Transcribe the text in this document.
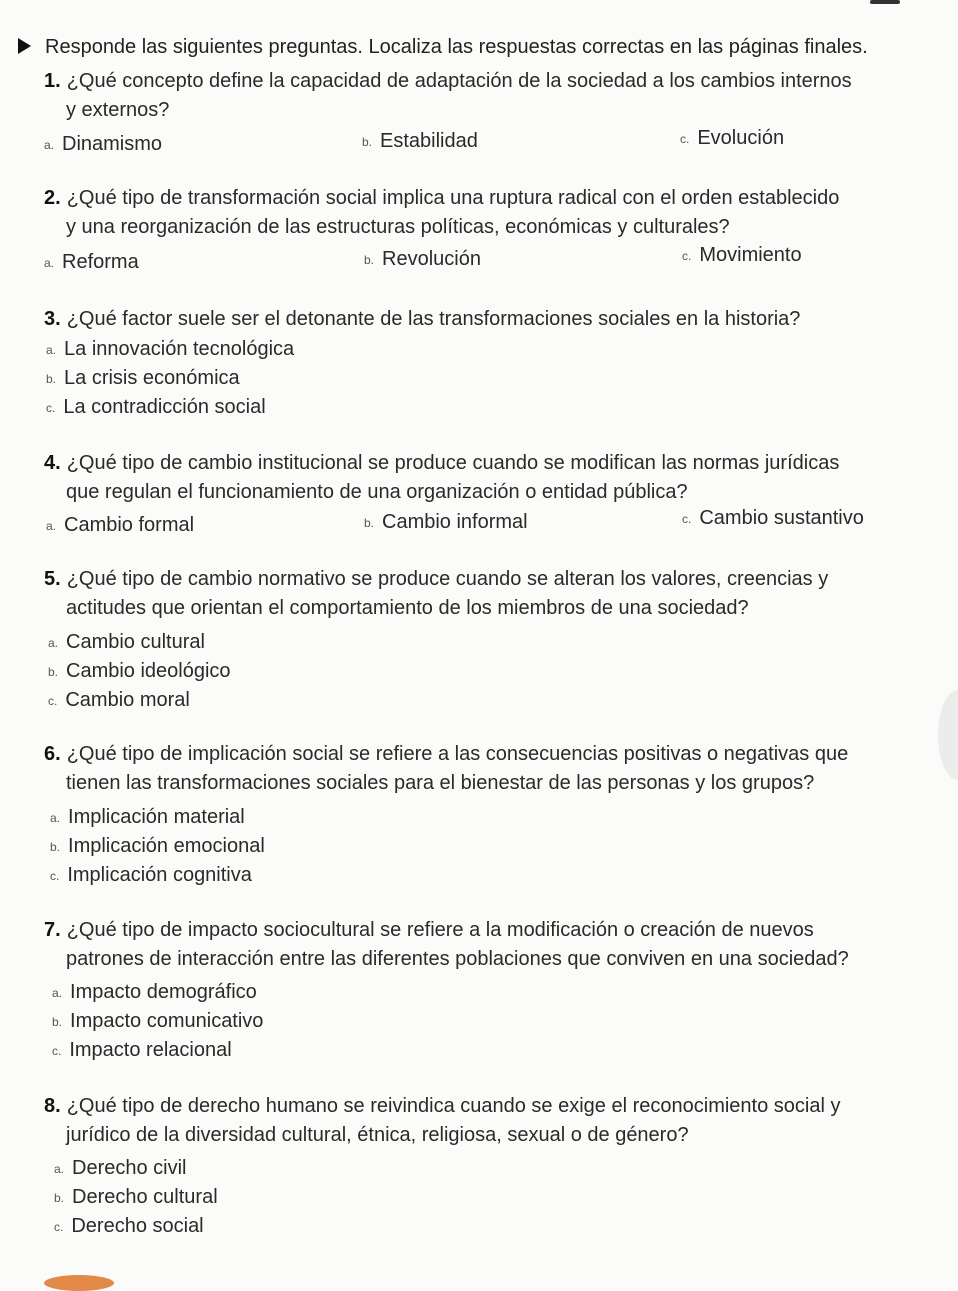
Responde las siguientes preguntas. Localiza las respuestas correctas en las páginas finales.
1. ¿Qué concepto define la capacidad de adaptación de la sociedad a los cambios internos
y externos?
a. Dinamismo	b. Estabilidad	c. Evolución
2. ¿Qué tipo de transformación social implica una ruptura radical con el orden establecido
y una reorganización de las estructuras políticas, económicas y culturales?
a. Reforma	b. Revolución	c. Movimiento
3. ¿Qué factor suele ser el detonante de las transformaciones sociales en la historia?
a. La innovación tecnológica
b. La crisis económica
c. La contradicción social
4. ¿Qué tipo de cambio institucional se produce cuando se modifican las normas jurídicas
que regulan el funcionamiento de una organización o entidad pública?
a. Cambio formal	b. Cambio informal	c. Cambio sustantivo
5. ¿Qué tipo de cambio normativo se produce cuando se alteran los valores, creencias y
actitudes que orientan el comportamiento de los miembros de una sociedad?
a. Cambio cultural
b. Cambio ideológico
c. Cambio moral
6. ¿Qué tipo de implicación social se refiere a las consecuencias positivas o negativas que
tienen las transformaciones sociales para el bienestar de las personas y los grupos?
a. Implicación material
b. Implicación emocional
c. Implicación cognitiva
7. ¿Qué tipo de impacto sociocultural se refiere a la modificación o creación de nuevos
patrones de interacción entre las diferentes poblaciones que conviven en una sociedad?
a. Impacto demográfico
b. Impacto comunicativo
c. Impacto relacional
8. ¿Qué tipo de derecho humano se reivindica cuando se exige el reconocimiento social y
jurídico de la diversidad cultural, étnica, religiosa, sexual o de género?
a. Derecho civil
b. Derecho cultural
c. Derecho social
